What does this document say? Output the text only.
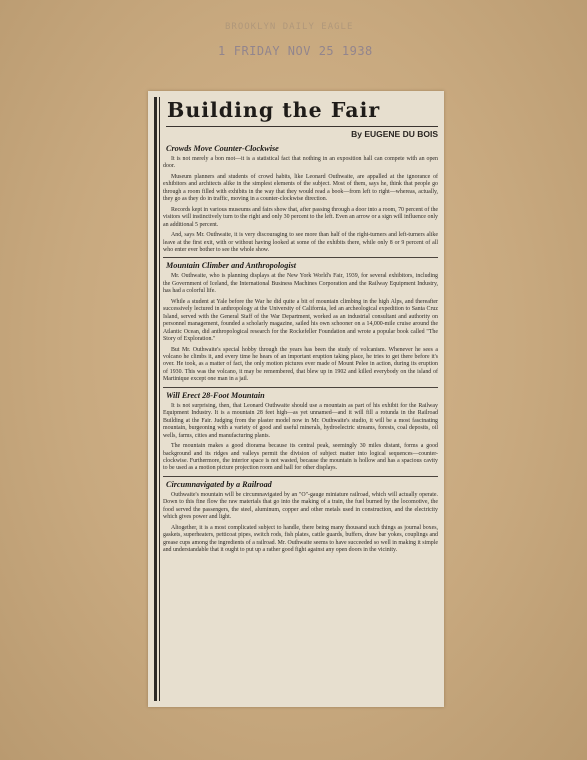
BROOKLYN DAILY EAGLE
1 FRIDAY NOV 25 1938
Building the Fair
By EUGENE DU BOIS
Crowds Move Counter-Clockwise

It is not merely a bon mot—it is a statistical fact that nothing in an exposition hall can compete with an open door.

Museum planners and students of crowd habits, like Leonard Outhwaite, are appalled at the ignorance of exhibitors and architects alike in the simplest elements of the subject. Most of them, says he, think that people go through a room filled with exhibits in the way that they would read a book—from left to right—whereas, actually, they go as they do in traffic, moving in a counter-clockwise direction.

Records kept in various museums and fairs show that, after passing through a door into a room, 70 percent of the visitors will instinctively turn to the right and only 30 percent to the left. Even an arrow or a sign will influence only an additional 5 percent.

And, says Mr. Outhwaite, it is very discouraging to see more than half of the right-turners and left-turners alike leave at the first exit, with or without having looked at some of the exhibits there, while only 8 or 9 percent of all who enter ever bother to see the whole show.

Mountain Climber and Anthropologist

Mr. Outhwaite, who is planning displays at the New York World's Fair, 1939, for several exhibitors, including the Government of Iceland, the International Business Machines Corporation and the Railway Equipment Industry, has had a colorful life.

While a student at Yale before the War he did quite a bit of mountain climbing in the high Alps, and thereafter successively lectured in anthropology at the University of California, led an archeological expedition to Santa Cruz Island, served with the General Staff of the War Department, worked as an industrial consultant and authority on personnel management, founded a scholarly magazine, sailed his own schooner on a 14,000-mile cruise around the Atlantic Ocean, did anthropological research for the Rockefeller Foundation and wrote a popular book called "The Story of Exploration."

But Mr. Outhwaite's special hobby through the years has been the study of volcanism. Whenever he sees a volcano he climbs it, and every time he hears of an important eruption taking place, he tries to get there before it's over. He took, as a matter of fact, the only motion pictures ever made of Mount Pelee in action, during its eruption of 1930. This was the volcano, it may be remembered, that blew up in 1902 and killed everybody on the island of Martinique except one man in a jail.

Will Erect 28-Foot Mountain

It is not surprising, then, that Leonard Outhwaite should use a mountain as part of his exhibit for the Railway Equipment Industry. It is a mountain 28 feet high—as yet unnamed—and it will fill a rotunda in the Railroad Building at the Fair. Judging from the plaster model now in Mr. Outhwaite's studio, it will be a most fascinating mountain, burgeoning with a variety of good and useful minerals, hydroelectric streams, forests, coal deposits, oil wells, farms, cities and manufacturing plants.

The mountain makes a good diorama because its central peak, seemingly 30 miles distant, forms a good background and its ridges and valleys permit the division of subject matter into logical sequences—counter-clockwise. Furthermore, the interior space is not wasted, because the mountain is hollow and has a spacious cavity to be used as a motion picture projection room and hall for other displays.

Circumnavigated by a Railroad

Outhwaite's mountain will be circumnavigated by an "O"-gauge miniature railroad, which will actually operate. Down to this fine flow the raw materials that go into the making of a train, the fuel burned by the locomotive, the food served the passengers, the steel, aluminum, copper and other metals used in construction, and the electricity which gives power and light.

Altogether, it is a most complicated subject to handle, there being many thousand such things as journal boxes, gaskets, superheaters, petticoat pipes, switch rods, fish plates, cattle guards, buffers, draw bar yokes, couplings and grease cups among the ingredients of a railroad. Mr. Outhwaite seems to have succeeded so well in making it simple and understandable that it ought to put up a rather good fight against any open doors in the vicinity.
